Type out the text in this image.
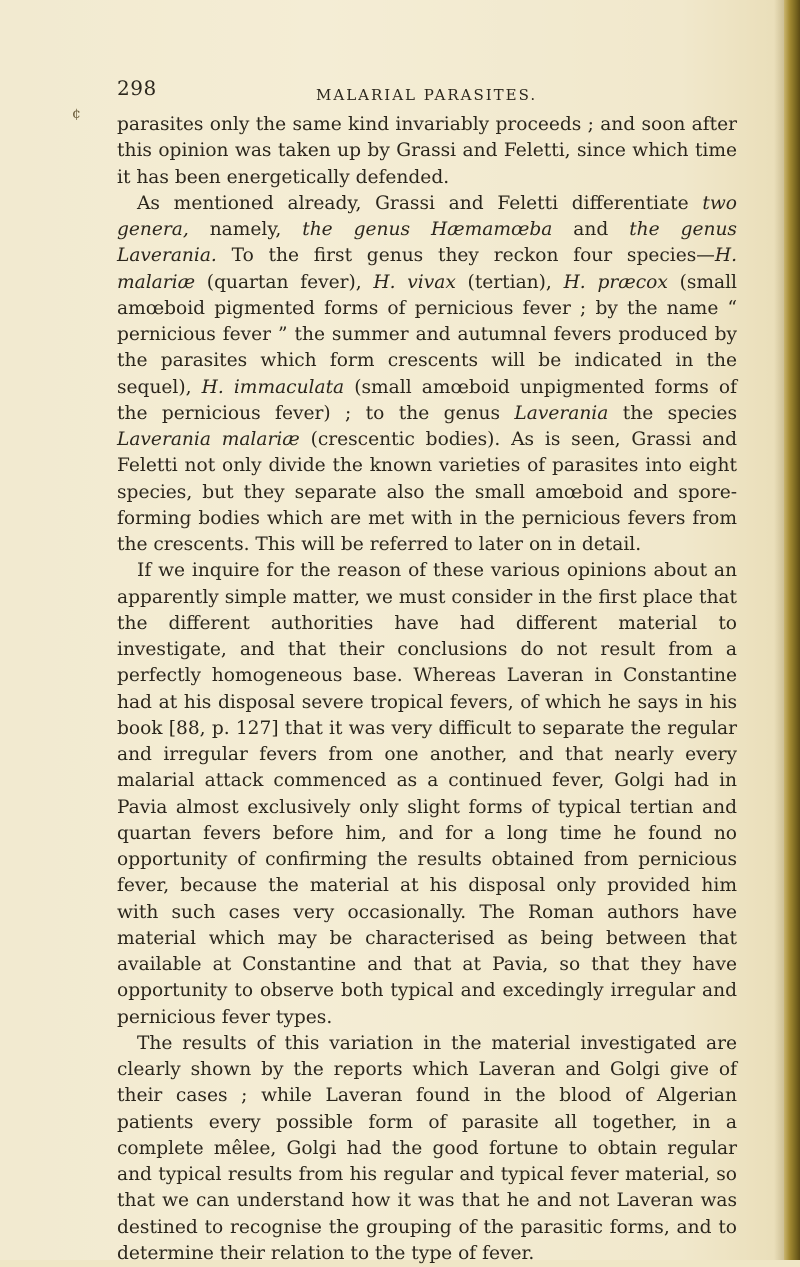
298	MALARIAL PARASITES.
¢ parasites only the same kind invariably proceeds ; and soon after this opinion was taken up by Grassi and Feletti, since which time it has been energetically defended.

As mentioned already, Grassi and Feletti differentiate two genera, namely, the genus Hæmamœba and the genus Laverania. To the first genus they reckon four species—H. malariæ (quartan fever), H. vivax (tertian), H. præcox (small amœboid pigmented forms of pernicious fever ; by the name “ pernicious fever ” the summer and autumnal fevers produced by the parasites which form crescents will be indicated in the sequel), H. immaculata (small amœboid unpigmented forms of the pernicious fever) ; to the genus Laverania the species Laverania malariæ (crescentic bodies). As is seen, Grassi and Feletti not only divide the known varieties of parasites into eight species, but they separate also the small amœboid and spore-forming bodies which are met with in the pernicious fevers from the crescents. This will be referred to later on in detail.

If we inquire for the reason of these various opinions about an apparently simple matter, we must consider in the first place that the different authorities have had different material to investigate, and that their conclusions do not result from a perfectly homogeneous base. Whereas Laveran in Constantine had at his disposal severe tropical fevers, of which he says in his book [88, p. 127] that it was very difficult to separate the regular and irregular fevers from one another, and that nearly every malarial attack commenced as a continued fever, Golgi had in Pavia almost exclusively only slight forms of typical tertian and quartan fevers before him, and for a long time he found no opportunity of confirming the results obtained from pernicious fever, because the material at his disposal only provided him with such cases very occasionally. The Roman authors have material which may be characterised as being between that available at Constantine and that at Pavia, so that they have opportunity to observe both typical and excedingly irregular and pernicious fever types.

The results of this variation in the material investigated are clearly shown by the reports which Laveran and Golgi give of their cases ; while Laveran found in the blood of Algerian patients every possible form of parasite all together, in a complete mêlee, Golgi had the good fortune to obtain regular and typical results from his regular and typical fever material, so that we can understand how it was that he and not Laveran was destined to recognise the grouping of the parasitic forms, and to determine their relation to the type of fever.
